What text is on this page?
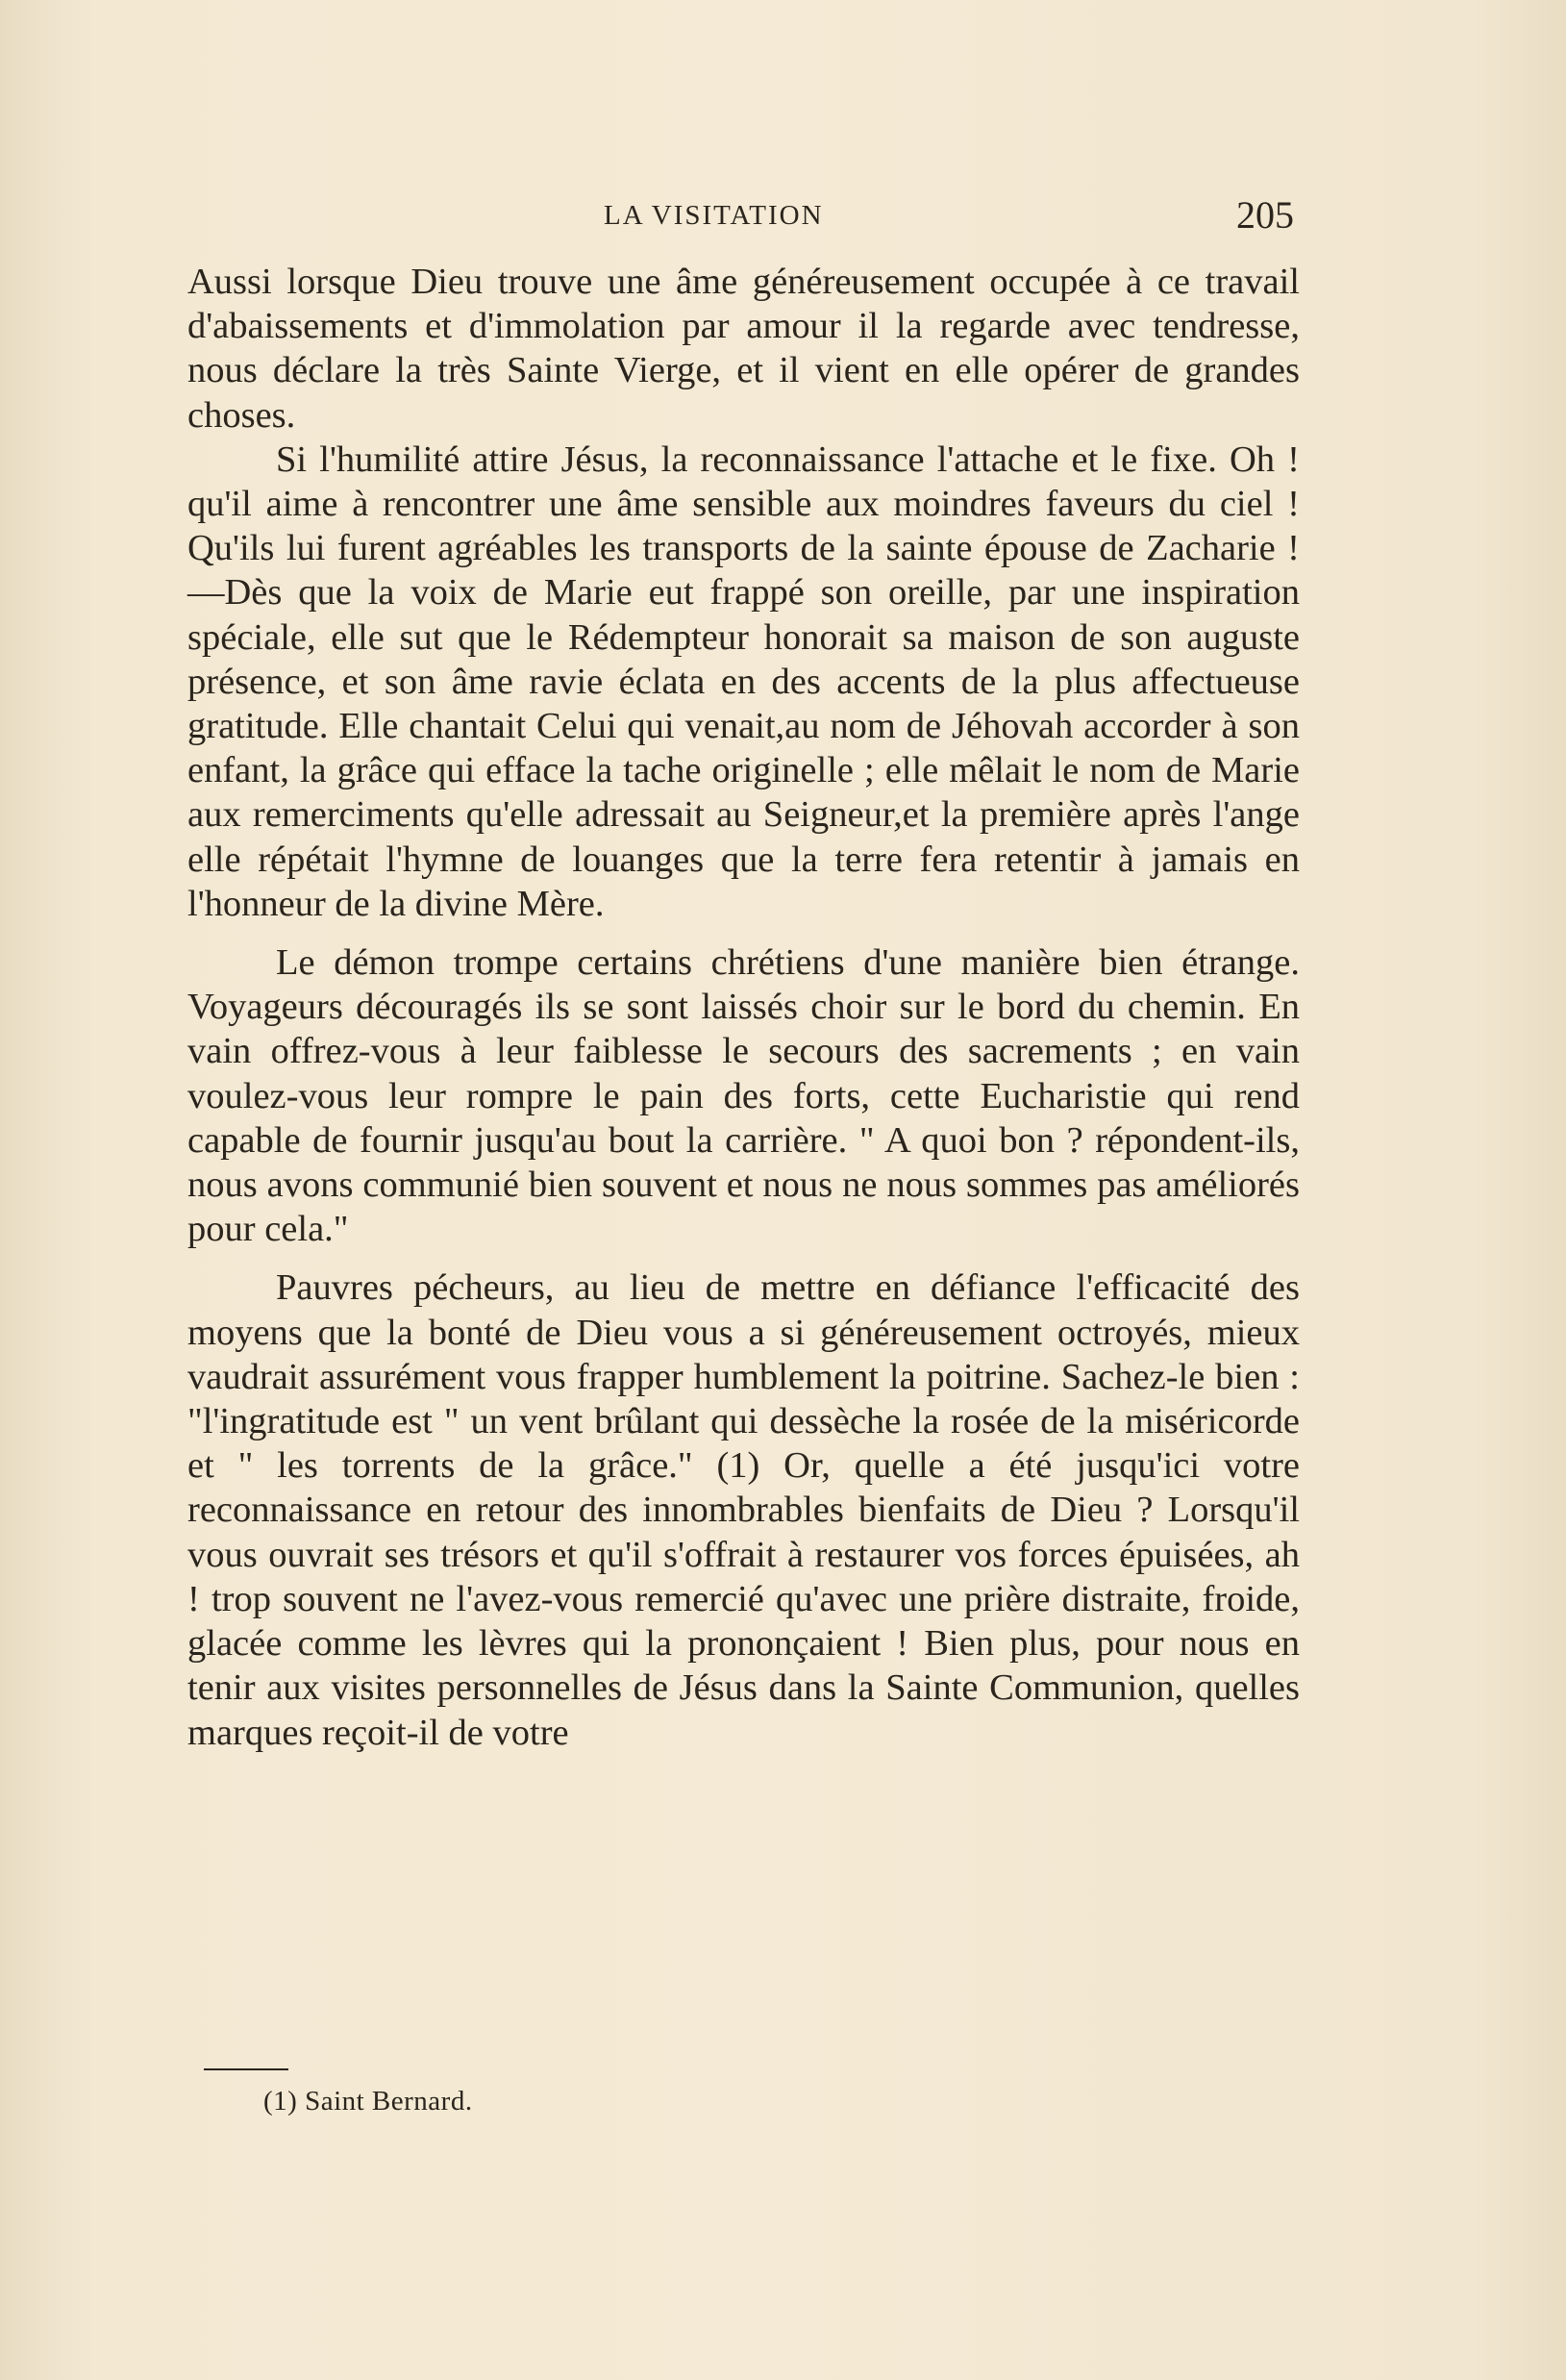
LA VISITATION	205

Aussi lorsque Dieu trouve une âme généreusement occupée à ce travail d'abaissements et d'immolation par amour il la regarde avec tendresse, nous déclare la très Sainte Vierge, et il vient en elle opérer de grandes choses.

Si l'humilité attire Jésus, la reconnaissance l'attache et le fixe. Oh ! qu'il aime à rencontrer une âme sensible aux moindres faveurs du ciel ! Qu'ils lui furent agréables les transports de la sainte épouse de Zacharie !—Dès que la voix de Marie eut frappé son oreille, par une inspiration spéciale, elle sut que le Rédempteur honorait sa maison de son auguste présence, et son âme ravie éclata en des accents de la plus affectueuse gratitude. Elle chantait Celui qui venait,au nom de Jéhovah accorder à son enfant, la grâce qui efface la tache originelle ; elle mêlait le nom de Marie aux remerciments qu'elle adressait au Seigneur,et la première après l'ange elle répétait l'hymne de louanges que la terre fera retentir à jamais en l'honneur de la divine Mère.

Le démon trompe certains chrétiens d'une manière bien étrange. Voyageurs découragés ils se sont laissés choir sur le bord du chemin. En vain offrez-vous à leur faiblesse le secours des sacrements ; en vain voulez-vous leur rompre le pain des forts, cette Eucharistie qui rend capable de fournir jusqu'au bout la carrière. " A quoi bon ? répondent-ils, nous avons communié bien souvent et nous ne nous sommes pas améliorés pour cela."

Pauvres pécheurs, au lieu de mettre en défiance l'efficacité des moyens que la bonté de Dieu vous a si généreusement octroyés, mieux vaudrait assurément vous frapper humblement la poitrine. Sachez-le bien : "l'ingratitude est " un vent brûlant qui dessèche la rosée de la miséricorde et " les torrents de la grâce." (1) Or, quelle a été jusqu'ici votre reconnaissance en retour des innombrables bienfaits de Dieu ? Lorsqu'il vous ouvrait ses trésors et qu'il s'offrait à restaurer vos forces épuisées, ah ! trop souvent ne l'avez-vous remercié qu'avec une prière distraite, froide, glacée comme les lèvres qui la prononçaient ! Bien plus, pour nous en tenir aux visites personnelles de Jésus dans la Sainte Communion, quelles marques reçoit-il de votre

(1) Saint Bernard.
